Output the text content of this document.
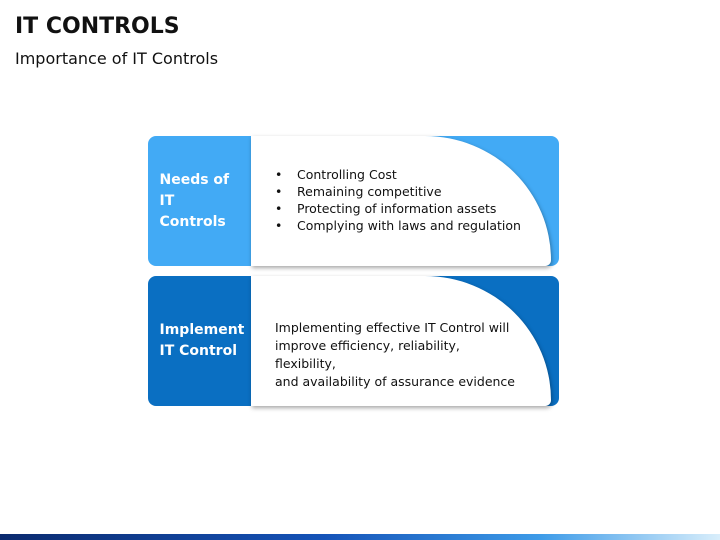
IT CONTROLS
Importance of IT Controls
Needs of IT
Controls
• Controlling Cost
• Remaining competitive
• Protecting of information assets
• Complying with laws and regulation
Implement
IT Control
Implementing effective IT Control will
improve efficiency, reliability, flexibility,
and availability of assurance evidence
